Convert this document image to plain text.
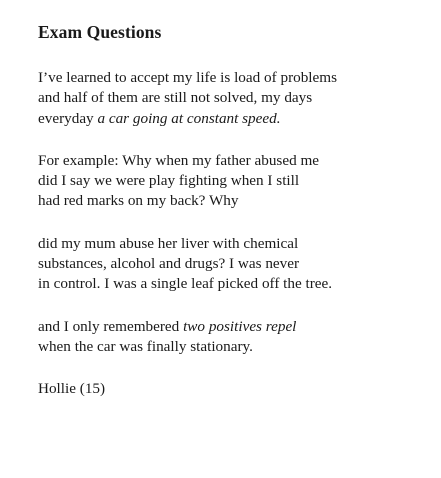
Exam Questions
I’ve learned to accept my life is load of problems
and half of them are still not solved, my days
everyday a car going at constant speed.
For example: Why when my father abused me
did I say we were play fighting when I still
had red marks on my back? Why
did my mum abuse her liver with chemical
substances, alcohol and drugs? I was never
in control. I was a single leaf picked off the tree.
and I only remembered two positives repel
when the car was finally stationary.

Hollie (15)
